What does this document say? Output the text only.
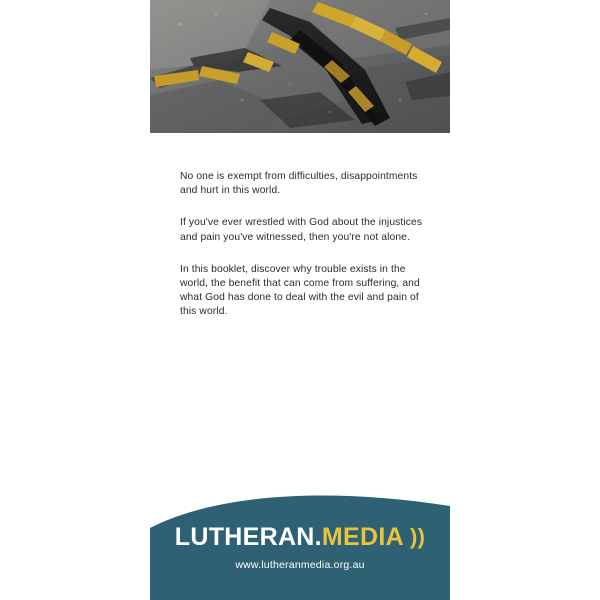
No one is exempt from difficulties, disappointments and hurt in this world.

If you've ever wrestled with God about the injustices and pain you've witnessed, then you're not alone.

In this booklet, discover why trouble exists in the world, the benefit that can come from suffering, and what God has done to deal with the evil and pain of this world.

LUTHERAN.MEDIA ))
www.lutheranmedia.org.au
